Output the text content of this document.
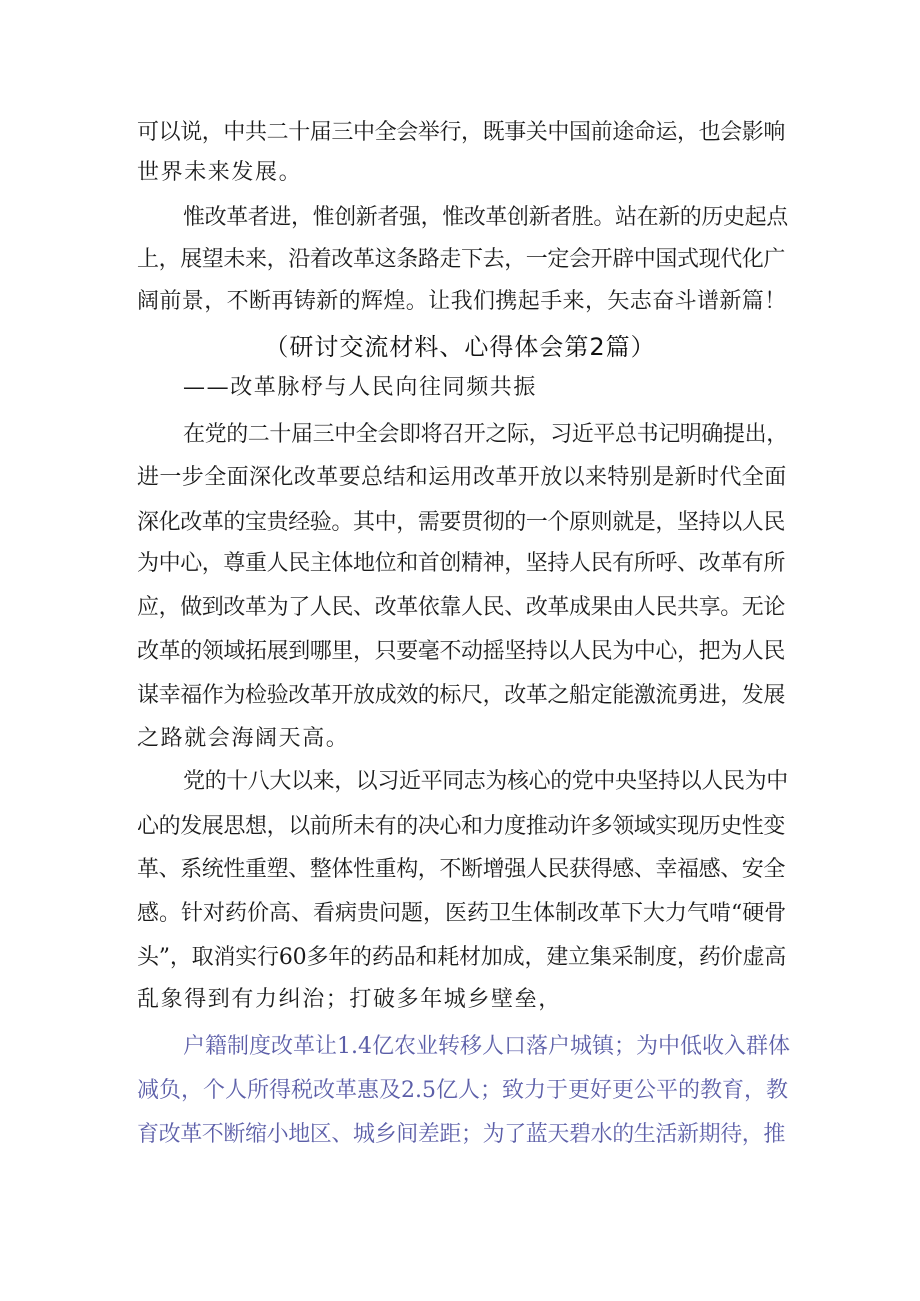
可以说，中共二十届三中全会举行，既事关中国前途命运，也会影响
世界未来发展。
惟改革者进，惟创新者强，惟改革创新者胜。站在新的历史起点
上，展望未来，沿着改革这条路走下去，一定会开辟中国式现代化广
阔前景，不断再铸新的辉煌。让我们携起手来，矢志奋斗谱新篇！
（研讨交流材料、心得体会第2篇）
——改革脉杼与人民向往同频共振
在党的二十届三中全会即将召开之际，习近平总书记明确提出，
进一步全面深化改革要总结和运用改革开放以来特别是新时代全面
深化改革的宝贵经验。其中，需要贯彻的一个原则就是，坚持以人民
为中心，尊重人民主体地位和首创精神，坚持人民有所呼、改革有所
应，做到改革为了人民、改革依靠人民、改革成果由人民共享。无论
改革的领域拓展到哪里，只要毫不动摇坚持以人民为中心，把为人民
谋幸福作为检验改革开放成效的标尺，改革之船定能激流勇进，发展
之路就会海阔天高。
党的十八大以来，以习近平同志为核心的党中央坚持以人民为中
心的发展思想，以前所未有的决心和力度推动许多领域实现历史性变
革、系统性重塑、整体性重构，不断增强人民获得感、幸福感、安全
感。针对药价高、看病贵问题，医药卫生体制改革下大力气啃“硬骨
头”，取消实行60多年的药品和耗材加成，建立集采制度，药价虚高
乱象得到有力纠治；打破多年城乡壁垒，
户籍制度改革让1.4亿农业转移人口落户城镇；为中低收入群体
减负，个人所得税改革惠及2.5亿人；致力于更好更公平的教育，教
育改革不断缩小地区、城乡间差距；为了蓝天碧水的生活新期待，推
